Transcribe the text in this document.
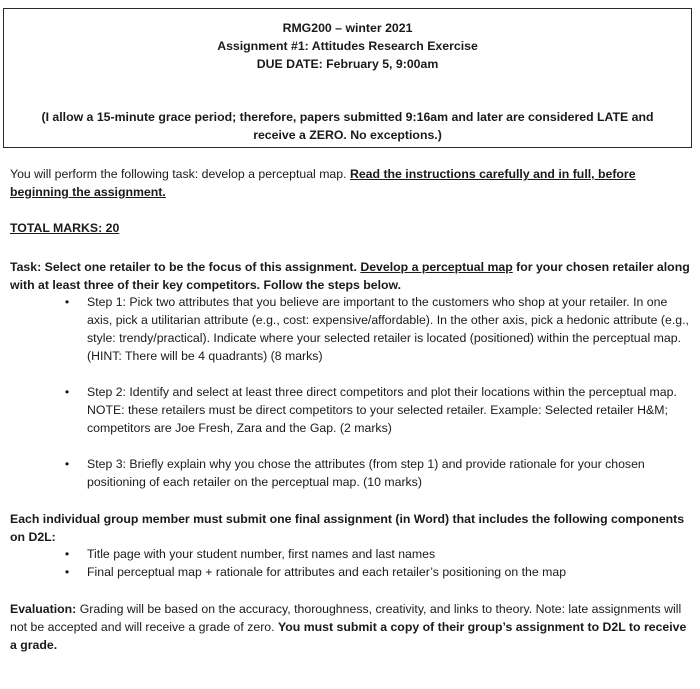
RMG200 – winter 2021
Assignment #1: Attitudes Research Exercise
DUE DATE: February 5, 9:00am
(I allow a 15-minute grace period; therefore, papers submitted 9:16am and later are considered LATE and receive a ZERO. No exceptions.)
You will perform the following task: develop a perceptual map. Read the instructions carefully and in full, before beginning the assignment.
TOTAL MARKS: 20
Task: Select one retailer to be the focus of this assignment. Develop a perceptual map for your chosen retailer along with at least three of their key competitors. Follow the steps below.
• Step 1: Pick two attributes that you believe are important to the customers who shop at your retailer. In one axis, pick a utilitarian attribute (e.g., cost: expensive/affordable). In the other axis, pick a hedonic attribute (e.g., style: trendy/practical). Indicate where your selected retailer is located (positioned) within the perceptual map. (HINT: There will be 4 quadrants) (8 marks)
• Step 2: Identify and select at least three direct competitors and plot their locations within the perceptual map. NOTE: these retailers must be direct competitors to your selected retailer. Example: Selected retailer H&M; competitors are Joe Fresh, Zara and the Gap. (2 marks)
• Step 3: Briefly explain why you chose the attributes (from step 1) and provide rationale for your chosen positioning of each retailer on the perceptual map. (10 marks)
Each individual group member must submit one final assignment (in Word) that includes the following components on D2L:
• Title page with your student number, first names and last names
• Final perceptual map + rationale for attributes and each retailer’s positioning on the map
Evaluation: Grading will be based on the accuracy, thoroughness, creativity, and links to theory. Note: late assignments will not be accepted and will receive a grade of zero. You must submit a copy of their group’s assignment to D2L to receive a grade.
